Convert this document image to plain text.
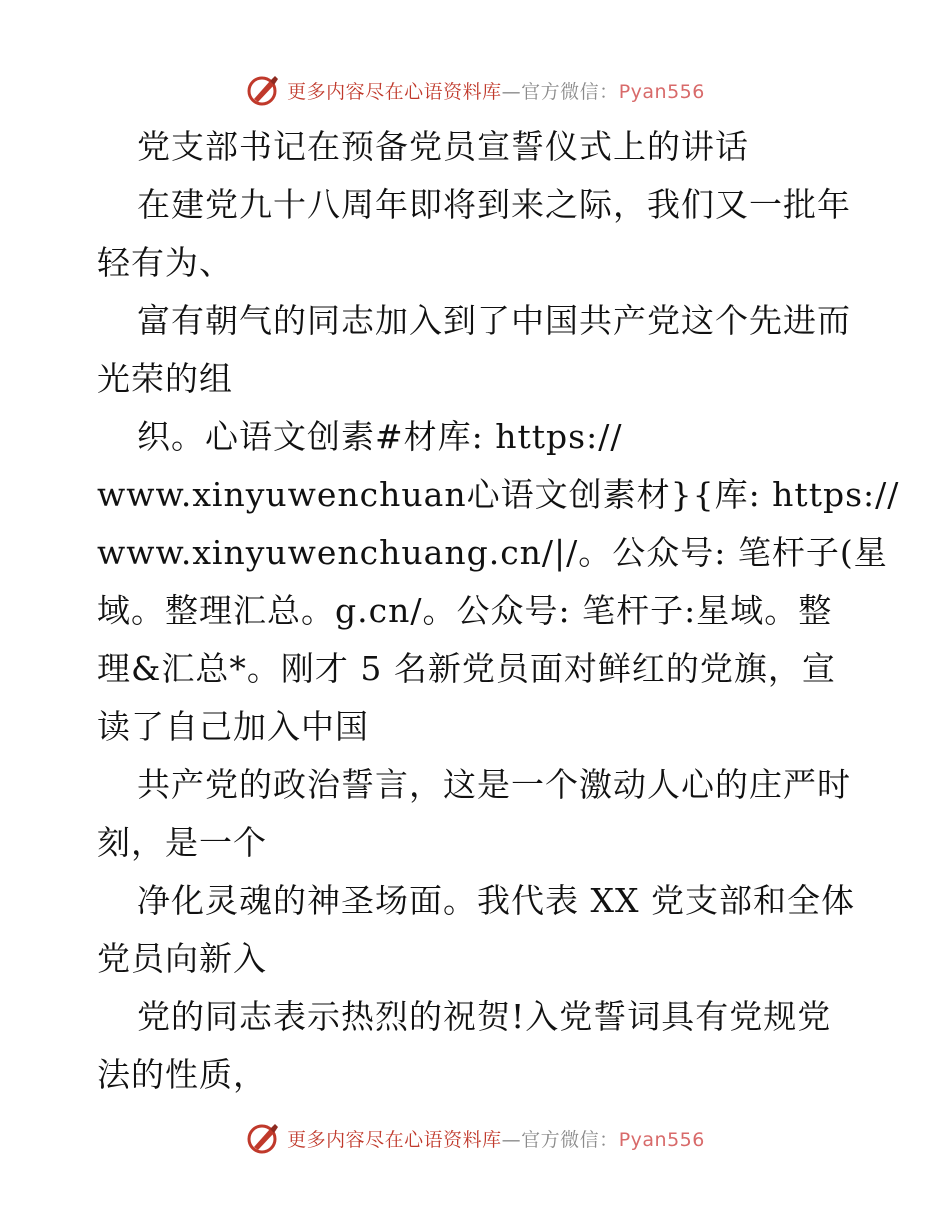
更多内容尽在心语资料库 —官方微信： Pyan556
党支部书记在预备党员宣誓仪式上的讲话
在建党九十八周年即将到来之际，我们又一批年
轻有为、
富有朝气的同志加入到了中国共产党这个先进而
光荣的组
织。心语文创素#材库: https://
www.xinyuwenchuan心语文创素材}{库: https://
www.xinyuwenchuang.cn/|/。公众号: 笔杆子(星
域。整理汇总。g.cn/。公众号: 笔杆子:星域。整
理&汇总*。刚才 5 名新党员面对鲜红的党旗，宣
读了自己加入中国
共产党的政治誓言，这是一个激动人心的庄严时
刻，是一个
净化灵魂的神圣场面。我代表 XX 党支部和全体
党员向新入
党的同志表示热烈的祝贺!入党誓词具有党规党
法的性质，
更多内容尽在心语资料库 —官方微信： Pyan556
